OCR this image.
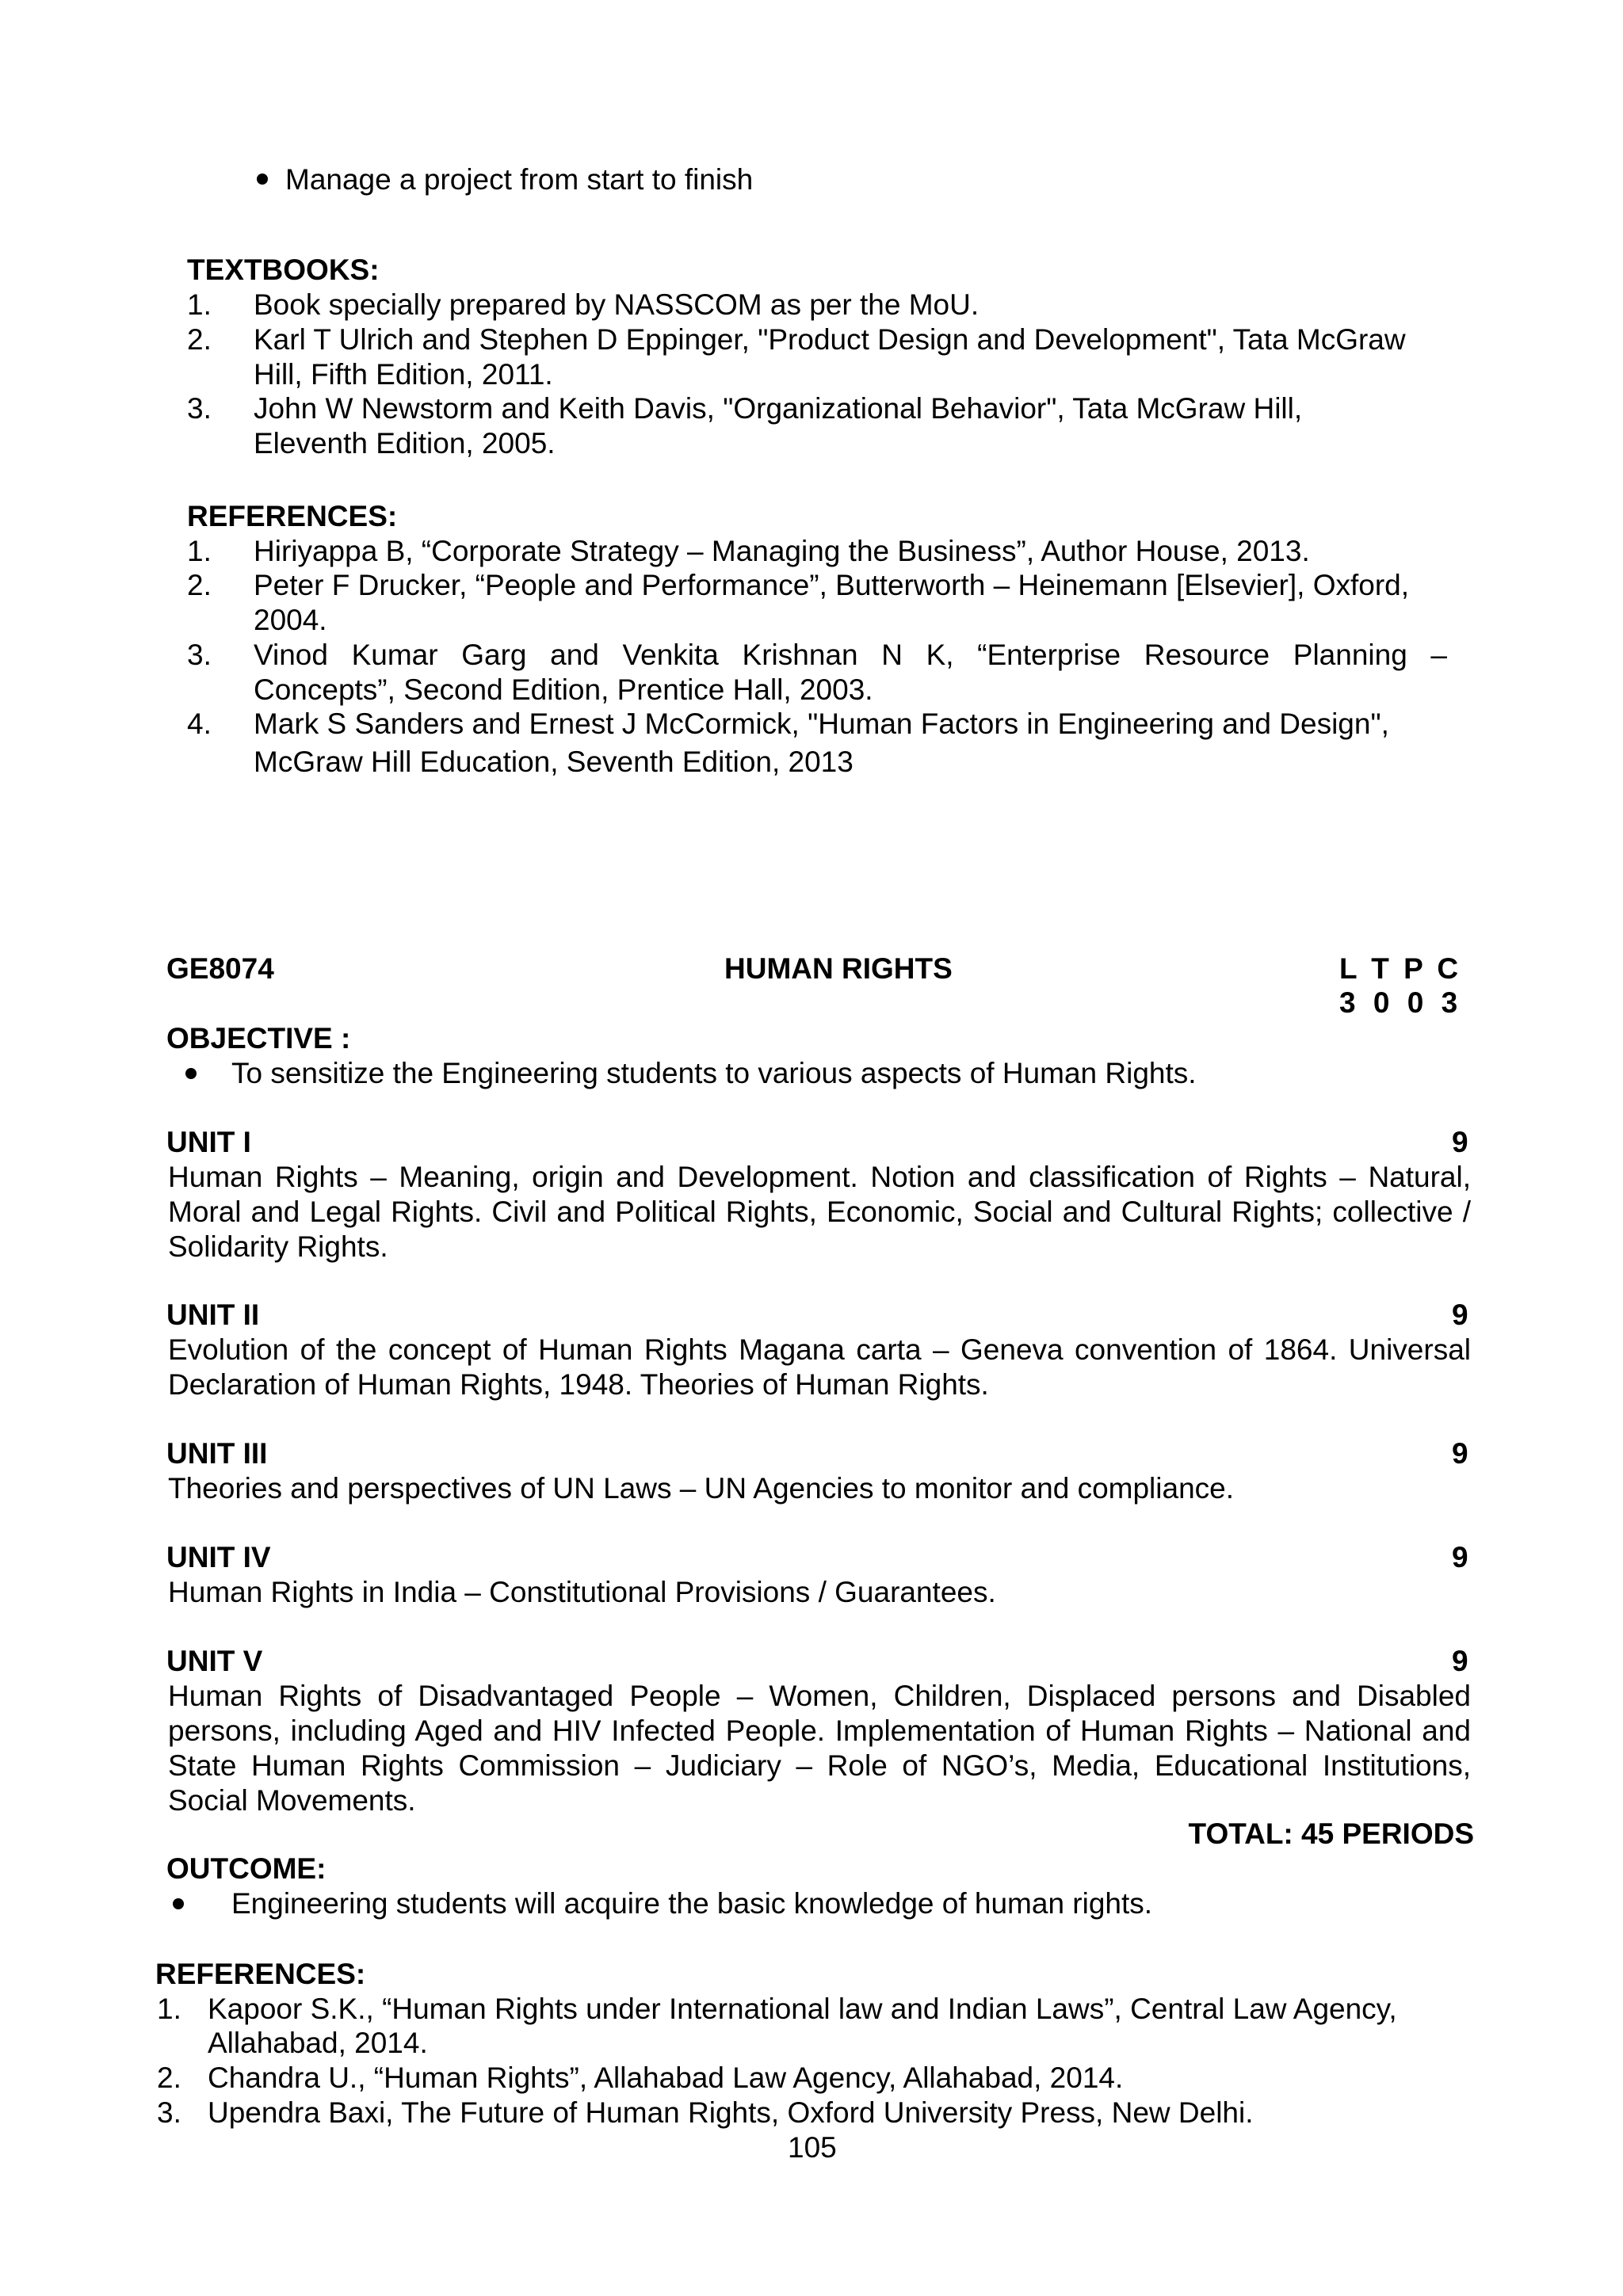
Manage a project from start to finish
TEXTBOOKS:
1. Book specially prepared by NASSCOM as per the MoU.
2. Karl T Ulrich and Stephen D Eppinger, "Product Design and Development", Tata McGraw
Hill, Fifth Edition, 2011.
3. John W Newstorm and Keith Davis, "Organizational Behavior", Tata McGraw Hill,
Eleventh Edition, 2005.
REFERENCES:
1. Hiriyappa B, “Corporate Strategy – Managing the Business”, Author House, 2013.
2. Peter F Drucker, “People and Performance”, Butterworth – Heinemann [Elsevier], Oxford,
2004.
3. Vinod Kumar Garg and Venkita Krishnan N K, “Enterprise Resource Planning –
Concepts”, Second Edition, Prentice Hall, 2003.
4. Mark S Sanders and Ernest J McCormick, "Human Factors in Engineering and Design",
McGraw Hill Education, Seventh Edition, 2013
GE8074	HUMAN RIGHTS	L T P C
3 0 0 3
OBJECTIVE :
To sensitize the Engineering students to various aspects of Human Rights.
UNIT I	9
Human Rights – Meaning, origin and Development. Notion and classification of Rights – Natural, Moral and Legal Rights. Civil and Political Rights, Economic, Social and Cultural Rights; collective / Solidarity Rights.
UNIT II	9
Evolution of the concept of Human Rights Magana carta – Geneva convention of 1864. Universal Declaration of Human Rights, 1948. Theories of Human Rights.
UNIT III	9
Theories and perspectives of UN Laws – UN Agencies to monitor and compliance.
UNIT IV	9
Human Rights in India – Constitutional Provisions / Guarantees.
UNIT V	9
Human Rights of Disadvantaged People – Women, Children, Displaced persons and Disabled persons, including Aged and HIV Infected People. Implementation of Human Rights – National and State Human Rights Commission – Judiciary – Role of NGO’s, Media, Educational Institutions, Social Movements.
TOTAL: 45 PERIODS
OUTCOME:
Engineering students will acquire the basic knowledge of human rights.
REFERENCES:
1. Kapoor S.K., “Human Rights under International law and Indian Laws”, Central Law Agency,
Allahabad, 2014.
2. Chandra U., “Human Rights”, Allahabad Law Agency, Allahabad, 2014.
3. Upendra Baxi, The Future of Human Rights, Oxford University Press, New Delhi.
105
